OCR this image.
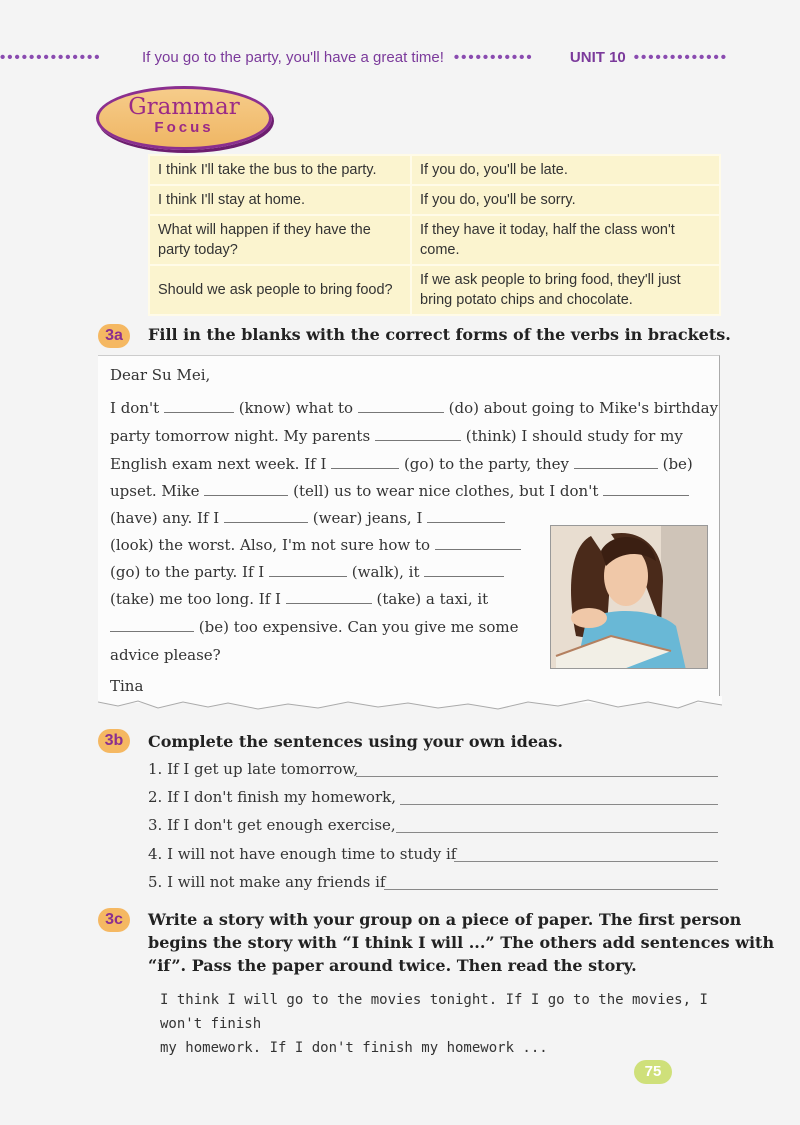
••••••••••••••	If you go to the party, you'll have a great time! •••••••••••	UNIT 10 •••••••••••••
Grammar
Focus
I think I'll take the bus to the party.	If you do, you'll be late.
I think I'll stay at home.	If you do, you'll be sorry.
What will happen if they have the party today?	If they have it today, half the class won't come.
Should we ask people to bring food?	If we ask people to bring food, they'll just bring potato chips and chocolate.
3a	Fill in the blanks with the correct forms of the verbs in brackets.
Dear Su Mei,
I don't	(know) what to	(do) about going to Mike's birthday
party tomorrow night. My parents	(think) I should study for my
English exam next week. If I	(go) to the party, they	(be)
upset. Mike	(tell) us to wear nice clothes, but I don't
(have) any. If I	(wear) jeans, I
(look) the worst. Also, I'm not sure how to
(go) to the party. If I	(walk), it
(take) me too long. If I	(take) a taxi, it
(be) too expensive. Can you give me some
advice please?
Tina
3b	Complete the sentences using your own ideas.
1. If I get up late tomorrow,
2. If I don't finish my homework,
3. If I don't get enough exercise,
4. I will not have enough time to study if
5. I will not make any friends if
3c	Write a story with your group on a piece of paper. The first person
begins the story with “I think I will ...” The others add sentences with
“if”. Pass the paper around twice. Then read the story.
I think I will go to the movies tonight. If I go to the movies, I won't finish
my homework. If I don't finish my homework ...
75
